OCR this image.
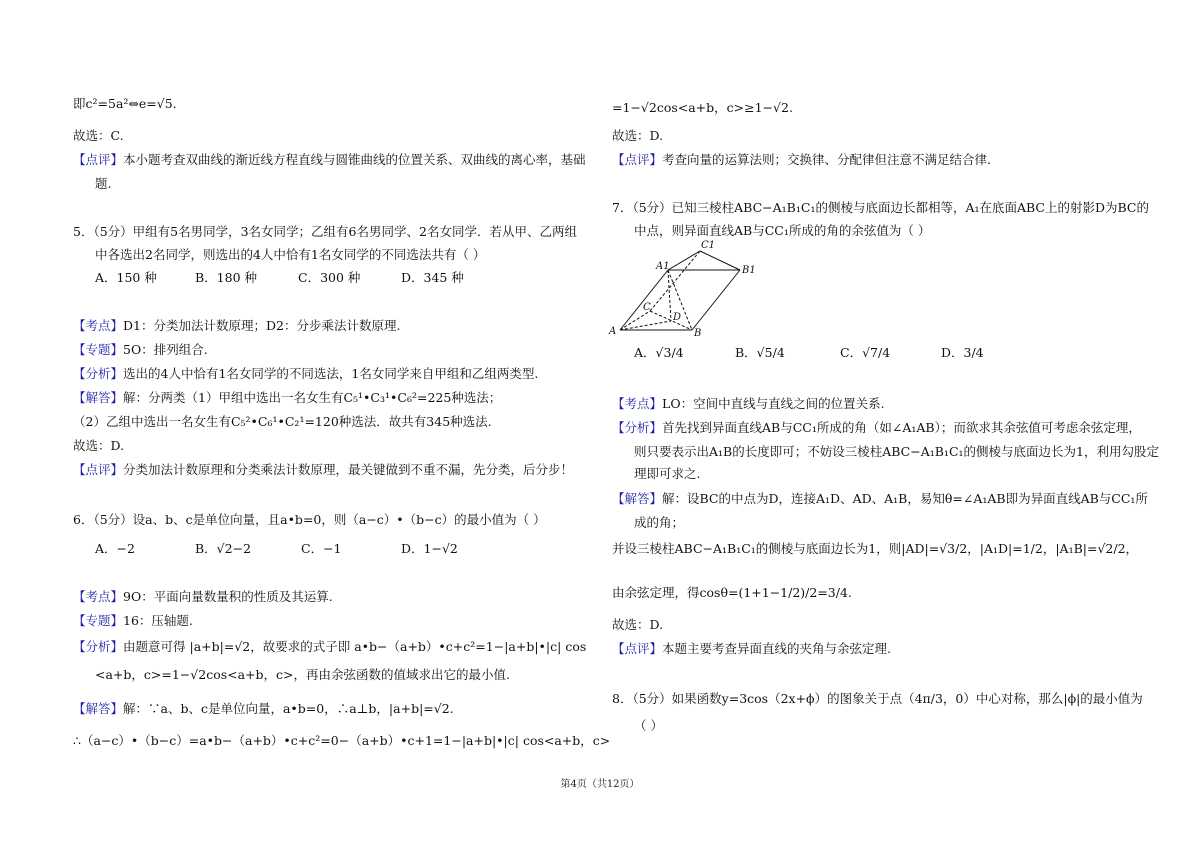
即c²=5a²⇔e=√5.
故选：C.
【点评】本小题考查双曲线的渐近线方程直线与圆锥曲线的位置关系、双曲线的离心率，基础
题.
5．（5分）甲组有5名男同学，3名女同学；乙组有6名男同学、2名女同学．若从甲、乙两组
中各选出2名同学，则选出的4人中恰有1名女同学的不同选法共有（ ）
A．150 种	B．180 种	C．300 种	D．345 种
【考点】D1：分类加法计数原理；D2：分步乘法计数原理.
【专题】5O：排列组合.
【分析】选出的4人中恰有1名女同学的不同选法，1名女同学来自甲组和乙组两类型.
【解答】解：分两类（1）甲组中选出一名女生有C₅¹•C₃¹•C₆²=225种选法；
（2）乙组中选出一名女生有C₅²•C₆¹•C₂¹=120种选法．故共有345种选法.
故选：D.
【点评】分类加法计数原理和分类乘法计数原理，最关键做到不重不漏，先分类，后分步！
6．（5分）设a、b、c是单位向量，且a•b=0，则（a−c）•（b−c）的最小值为（ ）
A．−2	B．√2−2	C．−1	D．1−√2
【考点】9O：平面向量数量积的性质及其运算.
【专题】16：压轴题.
【分析】由题意可得 |a+b|=√2，故要求的式子即 a•b−（a+b）•c+c²=1−|a+b|•|c| cos
<a+b，c>=1−√2cos<a+b，c>，再由余弦函数的值域求出它的最小值.
【解答】解：∵a、b、c是单位向量，a•b=0，∴a⊥b，|a+b|=√2.
∴（a−c）•（b−c）=a•b−（a+b）•c+c²=0−（a+b）•c+1=1−|a+b|•|c| cos<a+b，c>
=1−√2cos<a+b，c>≥1−√2.
故选：D.
【点评】考查向量的运算法则；交换律、分配律但注意不满足结合律.
7．（5分）已知三棱柱ABC−A₁B₁C₁的侧棱与底面边长都相等，A₁在底面ABC上的射影D为BC的
中点，则异面直线AB与CC₁所成的角的余弦值为（ ）
A．√3/4	B．√5/4	C．√7/4	D．3/4
【考点】LO：空间中直线与直线之间的位置关系.
【分析】首先找到异面直线AB与CC₁所成的角（如∠A₁AB）；而欲求其余弦值可考虑余弦定理，
则只要表示出A₁B的长度即可；不妨设三棱柱ABC−A₁B₁C₁的侧棱与底面边长为1，利用勾股定
理即可求之.
【解答】解：设BC的中点为D，连接A₁D、AD、A₁B，易知θ=∠A₁AB即为异面直线AB与CC₁所
成的角；
并设三棱柱ABC−A₁B₁C₁的侧棱与底面边长为1，则|AD|=√3/2，|A₁D|=1/2，|A₁B|=√2/2，
由余弦定理，得cosθ=(1+1−1/2)/2=3/4.
故选：D.
【点评】本题主要考查异面直线的夹角与余弦定理.
8．（5分）如果函数y=3cos（2x+ϕ）的图象关于点（4π/3，0）中心对称，那么|ϕ|的最小值为
（ ）
C1
A1	B1
C
D
A	B
第4页（共12页）
